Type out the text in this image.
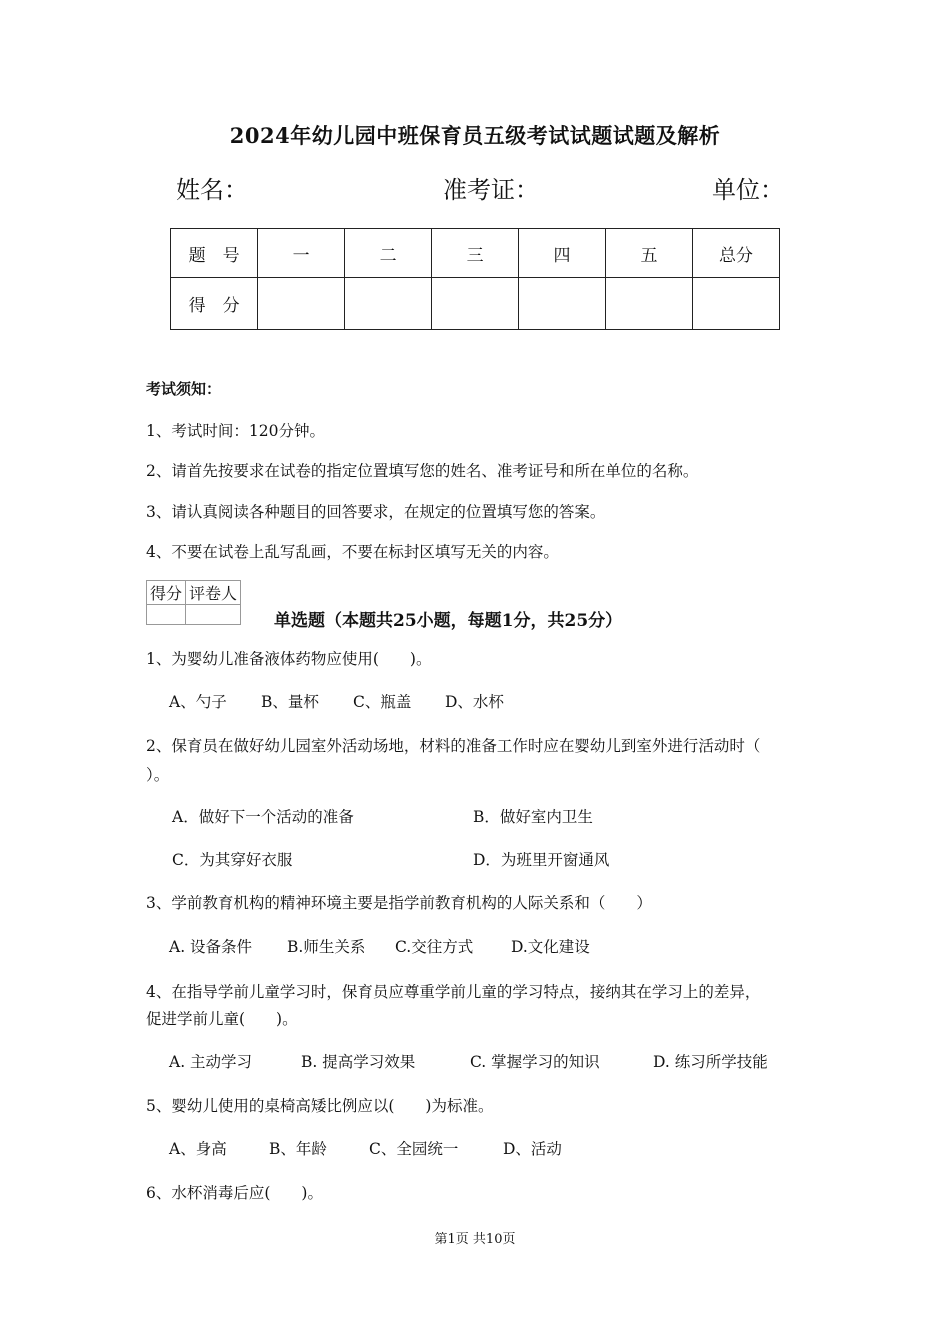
2024年幼儿园中班保育员五级考试试题试题及解析
姓名：	准考证：	单位：
题　号	一	二	三	四	五	总分
得　分						
考试须知：
1、考试时间：120分钟。
2、请首先按要求在试卷的指定位置填写您的姓名、准考证号和所在单位的名称。
3、请认真阅读各种题目的回答要求，在规定的位置填写您的答案。
4、不要在试卷上乱写乱画，不要在标封区填写无关的内容。
得分	评卷人

单选题（本题共25小题，每题1分，共25分）
1、为婴幼儿准备液体药物应使用(　　)。
A、勺子 B、量杯 C、瓶盖 D、水杯
2、保育员在做好幼儿园室外活动场地，材料的准备工作时应在婴幼儿到室外进行活动时（
）。
A．做好下一个活动的准备	B．做好室内卫生
C．为其穿好衣服	D．为班里开窗通风
3、学前教育机构的精神环境主要是指学前教育机构的人际关系和（　　）
A. 设备条件 B.师生关系 C.交往方式 D.文化建设
4、在指导学前儿童学习时，保育员应尊重学前儿童的学习特点，接纳其在学习上的差异，
促进学前儿童(　　)。
A. 主动学习	B. 提高学习效果	C. 掌握学习的知识	D. 练习所学技能
5、婴幼儿使用的桌椅高矮比例应以(　　)为标准。
A、身高	B、年龄	C、全园统一	D、活动
6、水杯消毒后应(　　)。
第1页 共10页
